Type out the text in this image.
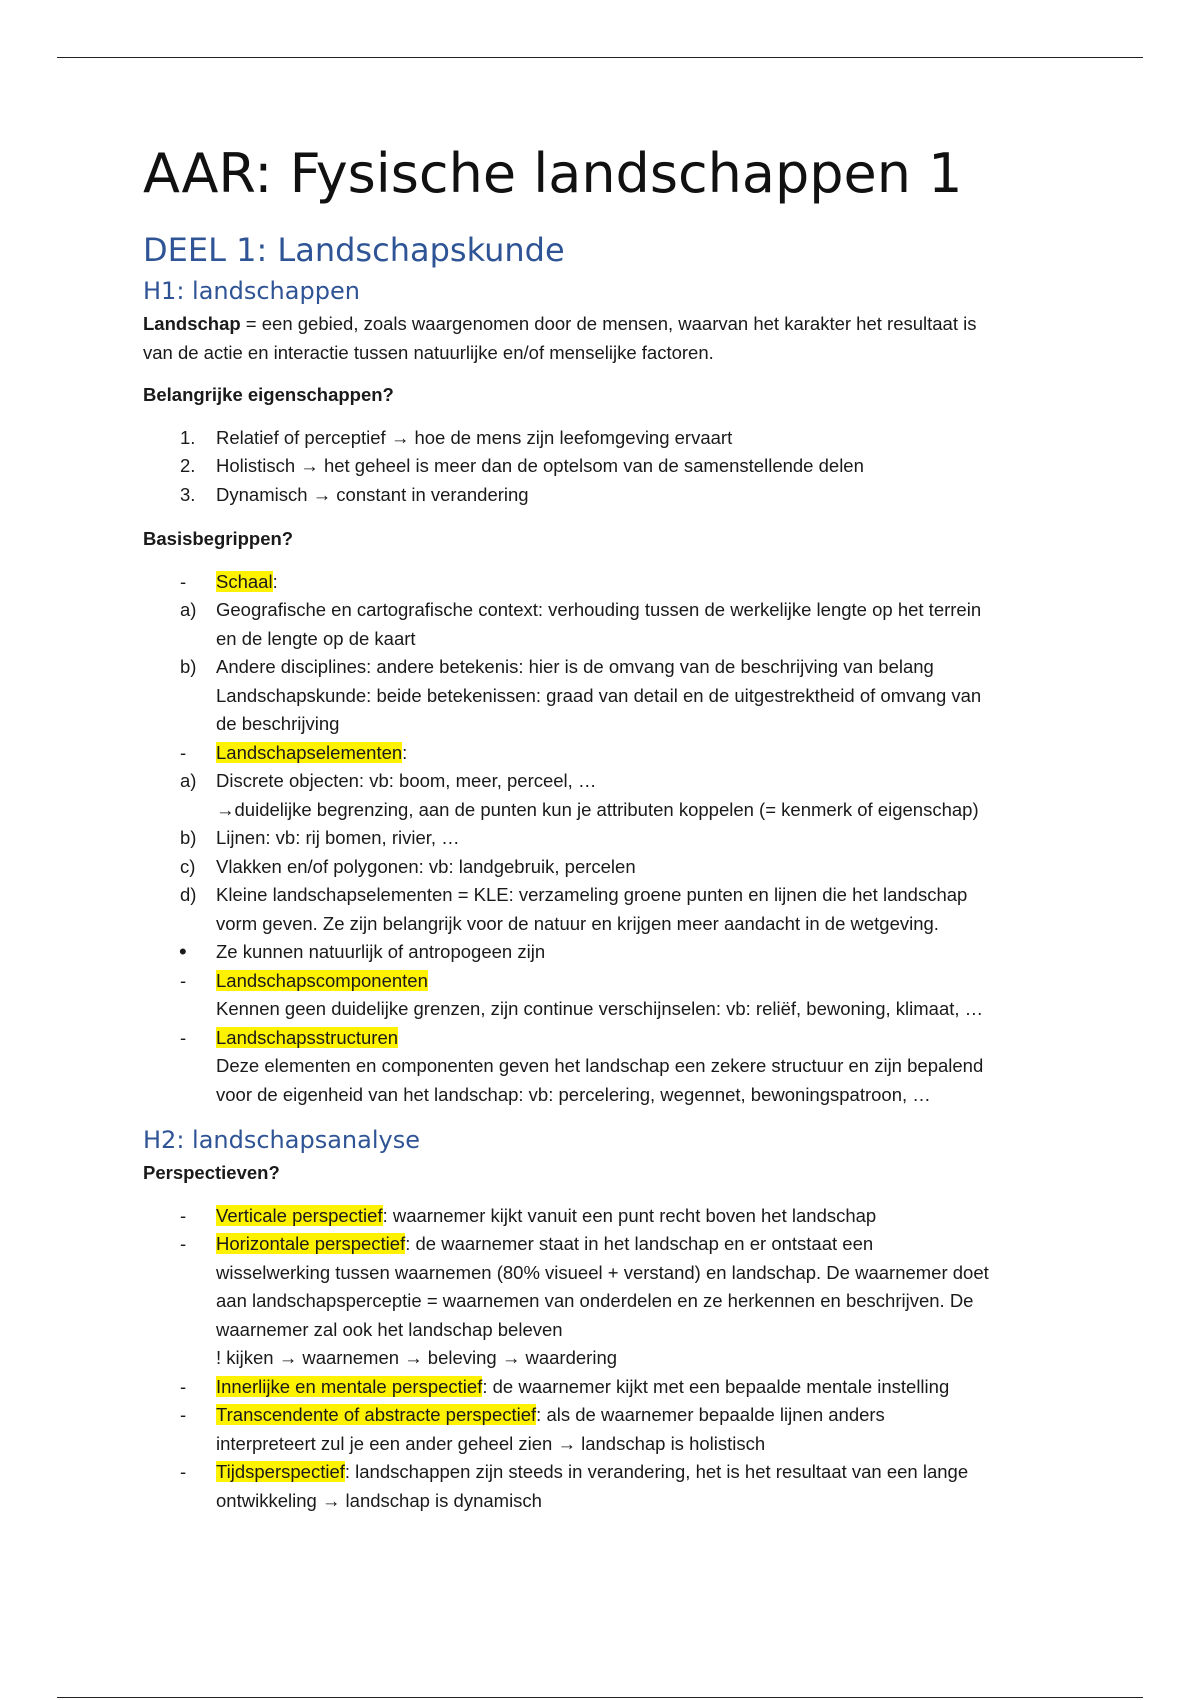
AAR: Fysische landschappen 1
DEEL 1: Landschapskunde
H1: landschappen

Landschap = een gebied, zoals waargenomen door de mensen, waarvan het karakter het resultaat is
van de actie en interactie tussen natuurlijke en/of menselijke factoren.

Belangrijke eigenschappen?

1.	Relatief of perceptief → hoe de mens zijn leefomgeving ervaart
2.	Holistisch → het geheel is meer dan de optelsom van de samenstellende delen
3.	Dynamisch → constant in verandering

Basisbegrippen?

-	Schaal:
a)	Geografische en cartografische context: verhouding tussen de werkelijke lengte op het terrein
en de lengte op de kaart
b)	Andere disciplines: andere betekenis: hier is de omvang van de beschrijving van belang
Landschapskunde: beide betekenissen: graad van detail en de uitgestrektheid of omvang van
de beschrijving
-	Landschapselementen:
a)	Discrete objecten: vb: boom, meer, perceel, …
→duidelijke begrenzing, aan de punten kun je attributen koppelen (= kenmerk of eigenschap)
b)	Lijnen: vb: rij bomen, rivier, …
c)	Vlakken en/of polygonen: vb: landgebruik, percelen
d)	Kleine landschapselementen = KLE: verzameling groene punten en lijnen die het landschap
vorm geven. Ze zijn belangrijk voor de natuur en krijgen meer aandacht in de wetgeving.
•	Ze kunnen natuurlijk of antropogeen zijn
-	Landschapscomponenten
Kennen geen duidelijke grenzen, zijn continue verschijnselen: vb: reliëf, bewoning, klimaat, …
-	Landschapsstructuren
Deze elementen en componenten geven het landschap een zekere structuur en zijn bepalend
voor de eigenheid van het landschap: vb: percelering, wegennet, bewoningspatroon, …
H2: landschapsanalyse

Perspectieven?

-	Verticale perspectief: waarnemer kijkt vanuit een punt recht boven het landschap
-	Horizontale perspectief: de waarnemer staat in het landschap en er ontstaat een
wisselwerking tussen waarnemen (80% visueel + verstand) en landschap. De waarnemer doet
aan landschapsperceptie = waarnemen van onderdelen en ze herkennen en beschrijven. De
waarnemer zal ook het landschap beleven
! kijken → waarnemen → beleving → waardering
-	Innerlijke en mentale perspectief: de waarnemer kijkt met een bepaalde mentale instelling
-	Transcendente of abstracte perspectief: als de waarnemer bepaalde lijnen anders
interpreteert zul je een ander geheel zien → landschap is holistisch
-	Tijdsperspectief: landschappen zijn steeds in verandering, het is het resultaat van een lange
ontwikkeling → landschap is dynamisch
